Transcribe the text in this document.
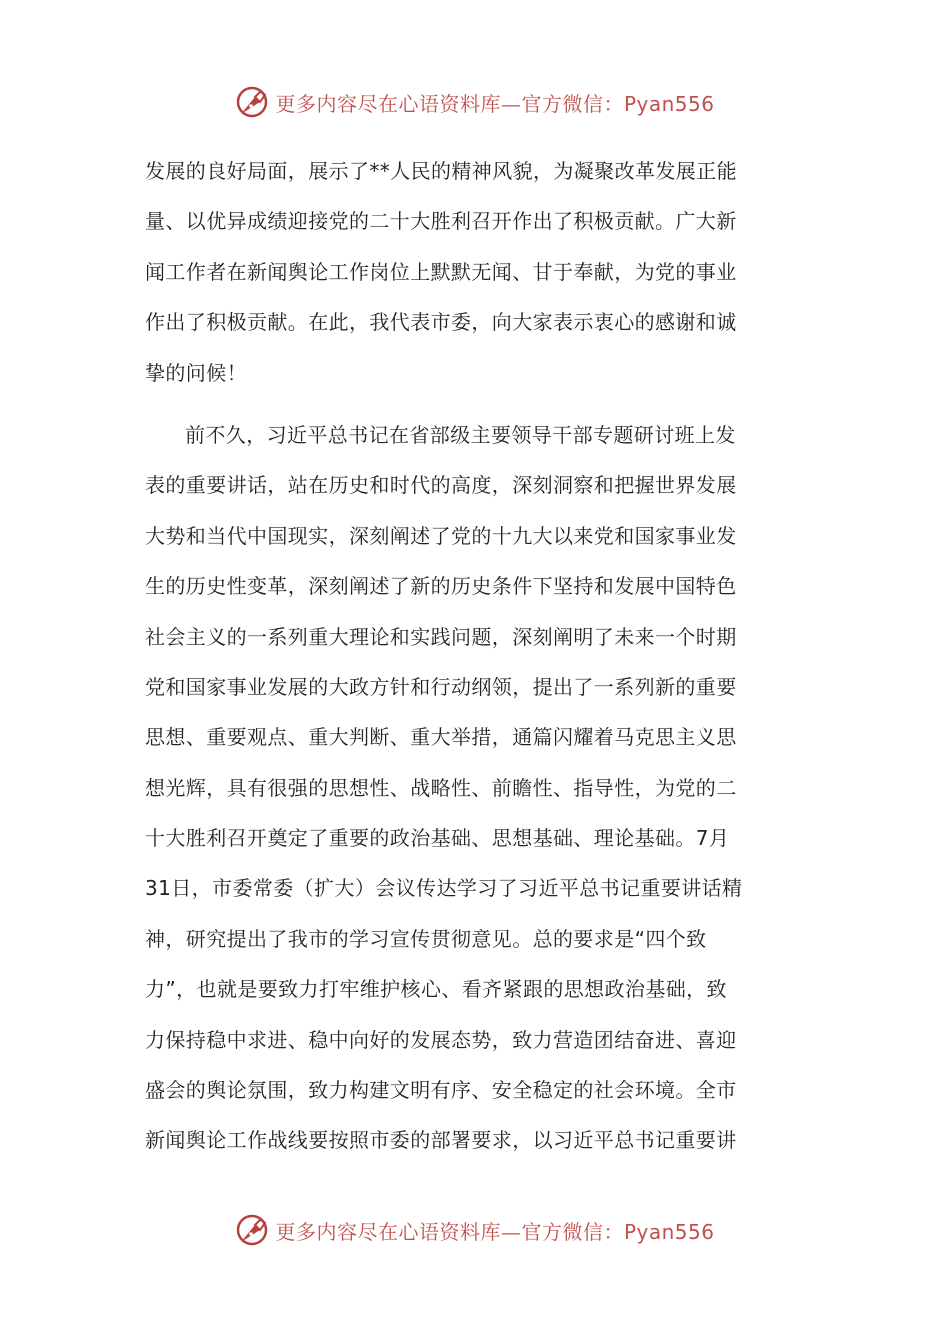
更多内容尽在心语资料库—官方微信：Pyan556
发展的良好局面，展示了**人民的精神风貌，为凝聚改革发展正能
量、以优异成绩迎接党的二十大胜利召开作出了积极贡献。广大新
闻工作者在新闻舆论工作岗位上默默无闻、甘于奉献，为党的事业
作出了积极贡献。在此，我代表市委，向大家表示衷心的感谢和诚
挚的问候！
前不久，习近平总书记在省部级主要领导干部专题研讨班上发
表的重要讲话，站在历史和时代的高度，深刻洞察和把握世界发展
大势和当代中国现实，深刻阐述了党的十九大以来党和国家事业发
生的历史性变革，深刻阐述了新的历史条件下坚持和发展中国特色
社会主义的一系列重大理论和实践问题，深刻阐明了未来一个时期
党和国家事业发展的大政方针和行动纲领，提出了一系列新的重要
思想、重要观点、重大判断、重大举措，通篇闪耀着马克思主义思
想光辉，具有很强的思想性、战略性、前瞻性、指导性，为党的二
十大胜利召开奠定了重要的政治基础、思想基础、理论基础。7月
31日，市委常委（扩大）会议传达学习了习近平总书记重要讲话精
神，研究提出了我市的学习宣传贯彻意见。总的要求是“四个致
力”，也就是要致力打牢维护核心、看齐紧跟的思想政治基础，致
力保持稳中求进、稳中向好的发展态势，致力营造团结奋进、喜迎
盛会的舆论氛围，致力构建文明有序、安全稳定的社会环境。全市
新闻舆论工作战线要按照市委的部署要求，以习近平总书记重要讲
更多内容尽在心语资料库—官方微信：Pyan556
